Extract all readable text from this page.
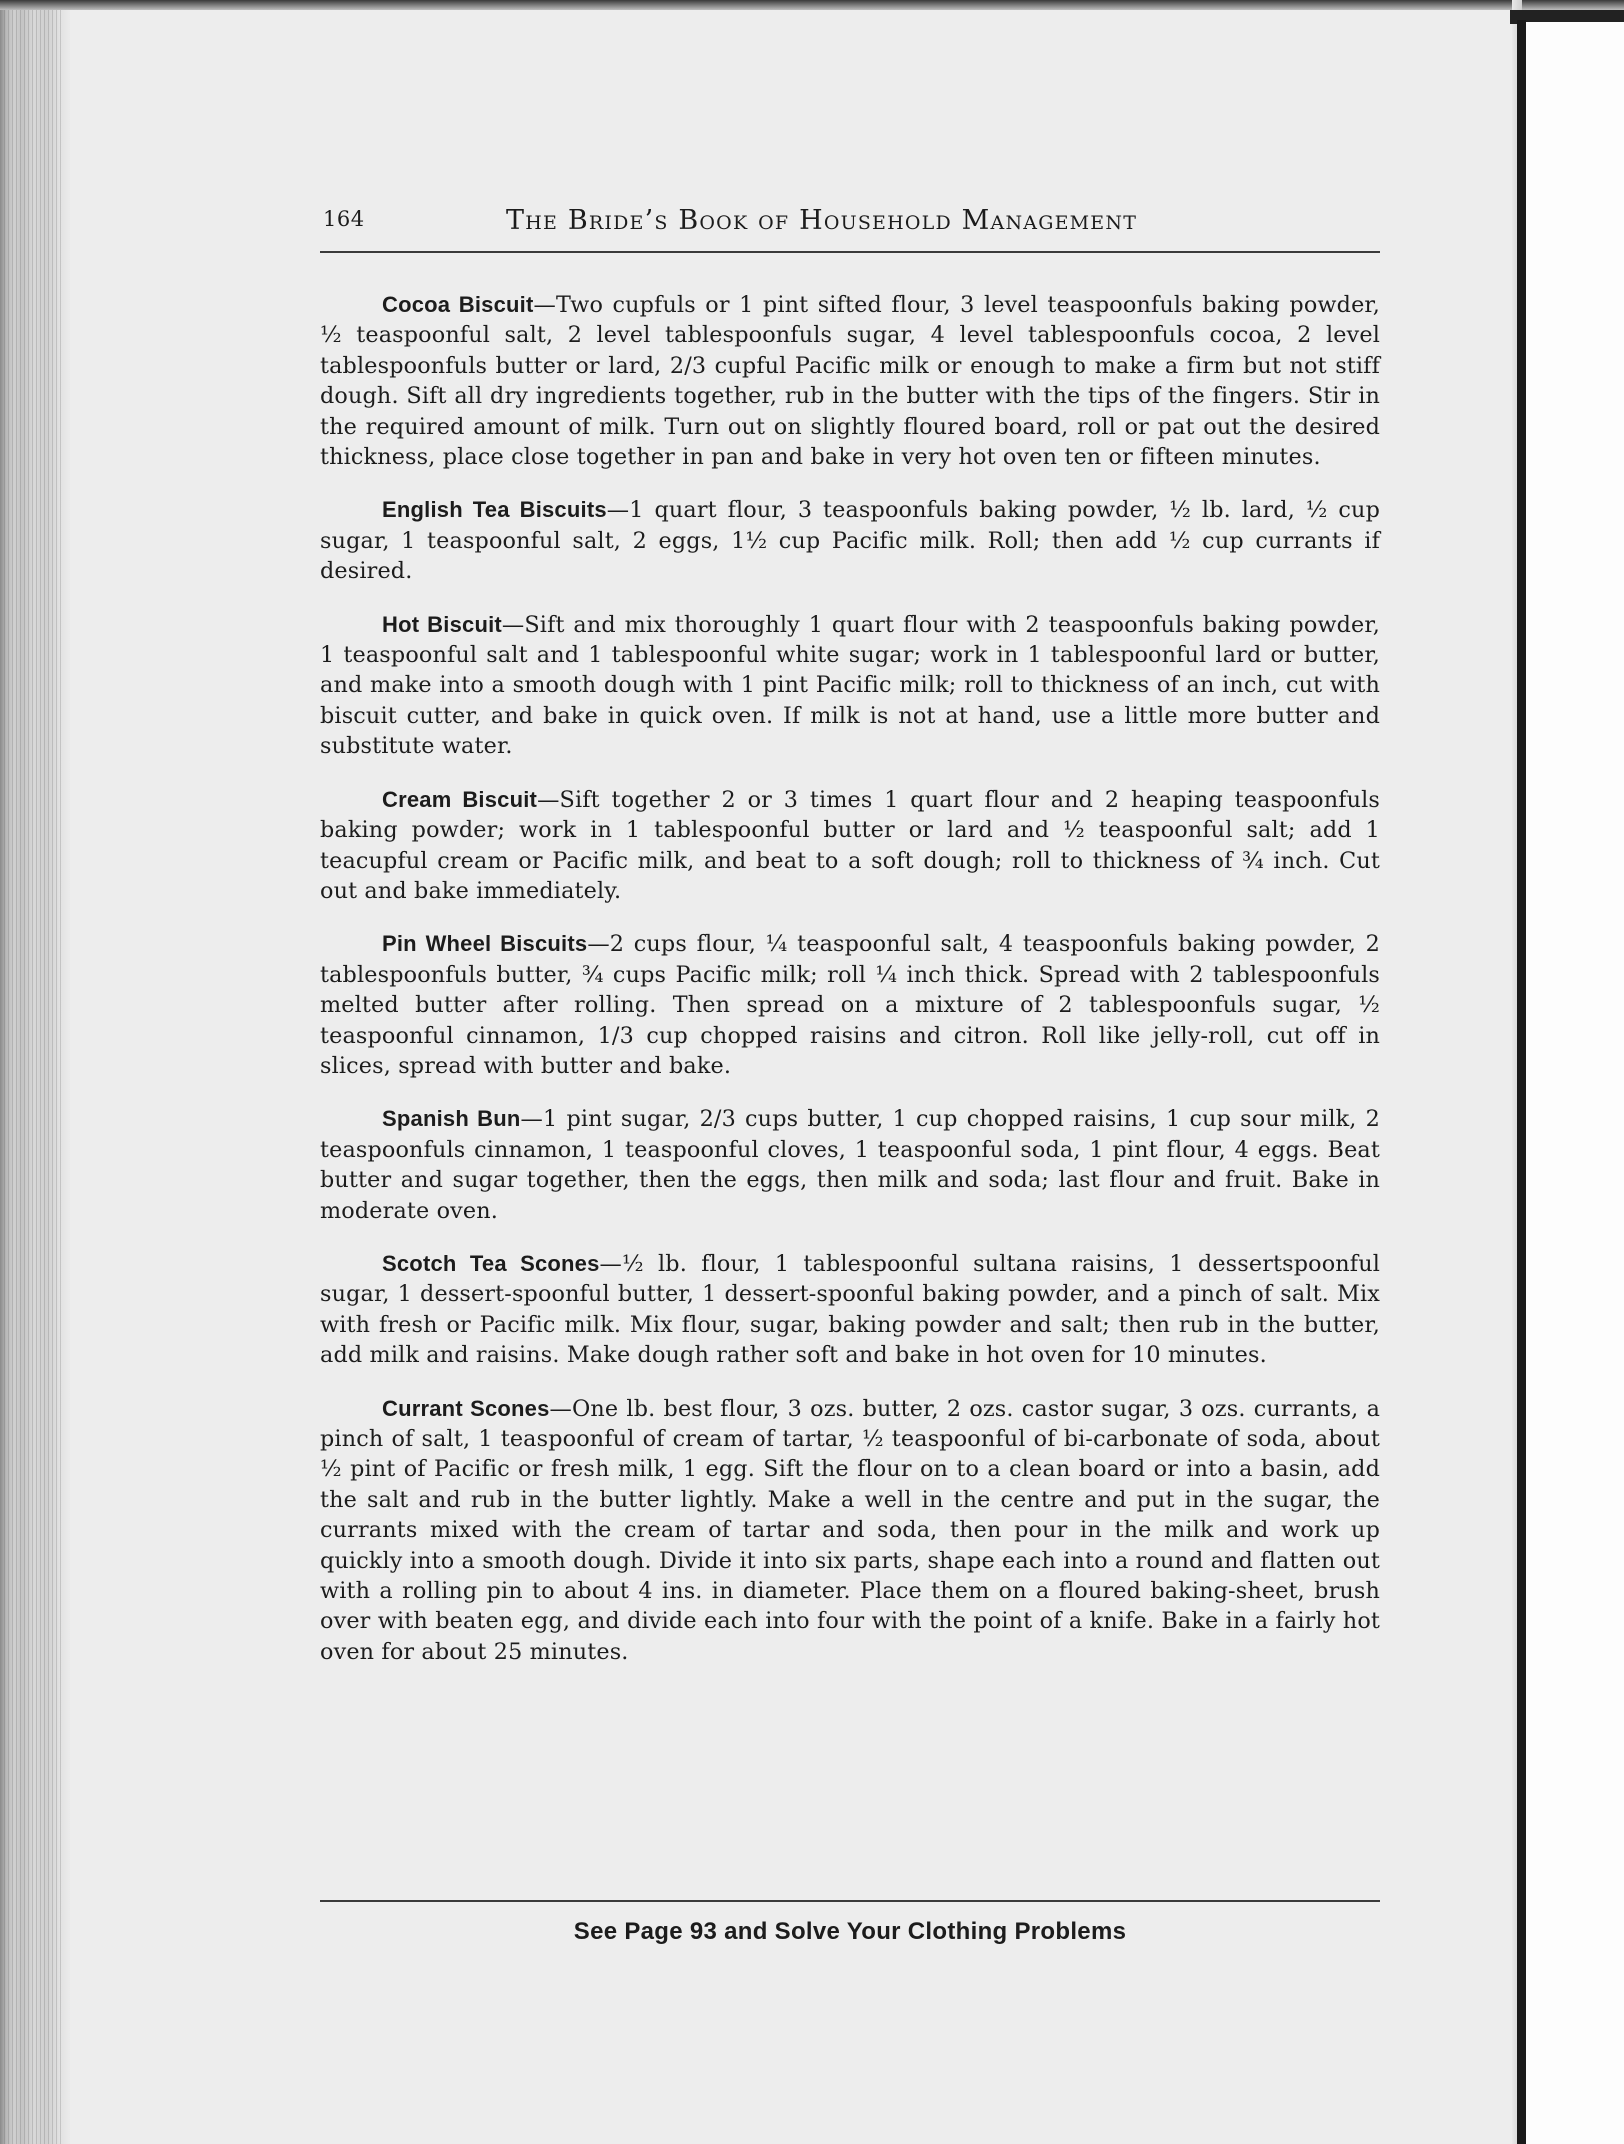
164	The Bride’s Book of Household Management

Cocoa Biscuit—Two cupfuls or 1 pint sifted flour, 3 level teaspoonfuls baking powder, ½ teaspoonful salt, 2 level tablespoonfuls sugar, 4 level tablespoonfuls cocoa, 2 level tablespoonfuls butter or lard, 2/3 cupful Pacific milk or enough to make a firm but not stiff dough. Sift all dry ingredients together, rub in the butter with the tips of the fingers. Stir in the required amount of milk. Turn out on slightly floured board, roll or pat out the desired thickness, place close together in pan and bake in very hot oven ten or fifteen minutes.

English Tea Biscuits—1 quart flour, 3 teaspoonfuls baking powder, ½ lb. lard, ½ cup sugar, 1 teaspoonful salt, 2 eggs, 1½ cup Pacific milk. Roll; then add ½ cup currants if desired.

Hot Biscuit—Sift and mix thoroughly 1 quart flour with 2 teaspoonfuls baking powder, 1 teaspoonful salt and 1 tablespoonful white sugar; work in 1 tablespoonful lard or butter, and make into a smooth dough with 1 pint Pacific milk; roll to thickness of an inch, cut with biscuit cutter, and bake in quick oven. If milk is not at hand, use a little more butter and substitute water.

Cream Biscuit—Sift together 2 or 3 times 1 quart flour and 2 heaping teaspoonfuls baking powder; work in 1 tablespoonful butter or lard and ½ teaspoonful salt; add 1 teacupful cream or Pacific milk, and beat to a soft dough; roll to thickness of ¾ inch. Cut out and bake immediately.

Pin Wheel Biscuits—2 cups flour, ¼ teaspoonful salt, 4 teaspoonfuls baking powder, 2 tablespoonfuls butter, ¾ cups Pacific milk; roll ¼ inch thick. Spread with 2 tablespoonfuls melted butter after rolling. Then spread on a mixture of 2 tablespoonfuls sugar, ½ teaspoonful cinnamon, 1/3 cup chopped raisins and citron. Roll like jelly-roll, cut off in slices, spread with butter and bake.

Spanish Bun—1 pint sugar, 2/3 cups butter, 1 cup chopped raisins, 1 cup sour milk, 2 teaspoonfuls cinnamon, 1 teaspoonful cloves, 1 teaspoonful soda, 1 pint flour, 4 eggs. Beat butter and sugar together, then the eggs, then milk and soda; last flour and fruit. Bake in moderate oven.

Scotch Tea Scones—½ lb. flour, 1 tablespoonful sultana raisins, 1 dessertspoonful sugar, 1 dessert-spoonful butter, 1 dessert-spoonful baking powder, and a pinch of salt. Mix with fresh or Pacific milk. Mix flour, sugar, baking powder and salt; then rub in the butter, add milk and raisins. Make dough rather soft and bake in hot oven for 10 minutes.

Currant Scones—One lb. best flour, 3 ozs. butter, 2 ozs. castor sugar, 3 ozs. currants, a pinch of salt, 1 teaspoonful of cream of tartar, ½ teaspoonful of bi-carbonate of soda, about ½ pint of Pacific or fresh milk, 1 egg. Sift the flour on to a clean board or into a basin, add the salt and rub in the butter lightly. Make a well in the centre and put in the sugar, the currants mixed with the cream of tartar and soda, then pour in the milk and work up quickly into a smooth dough. Divide it into six parts, shape each into a round and flatten out with a rolling pin to about 4 ins. in diameter. Place them on a floured baking-sheet, brush over with beaten egg, and divide each into four with the point of a knife. Bake in a fairly hot oven for about 25 minutes.

See Page 93 and Solve Your Clothing Problems
